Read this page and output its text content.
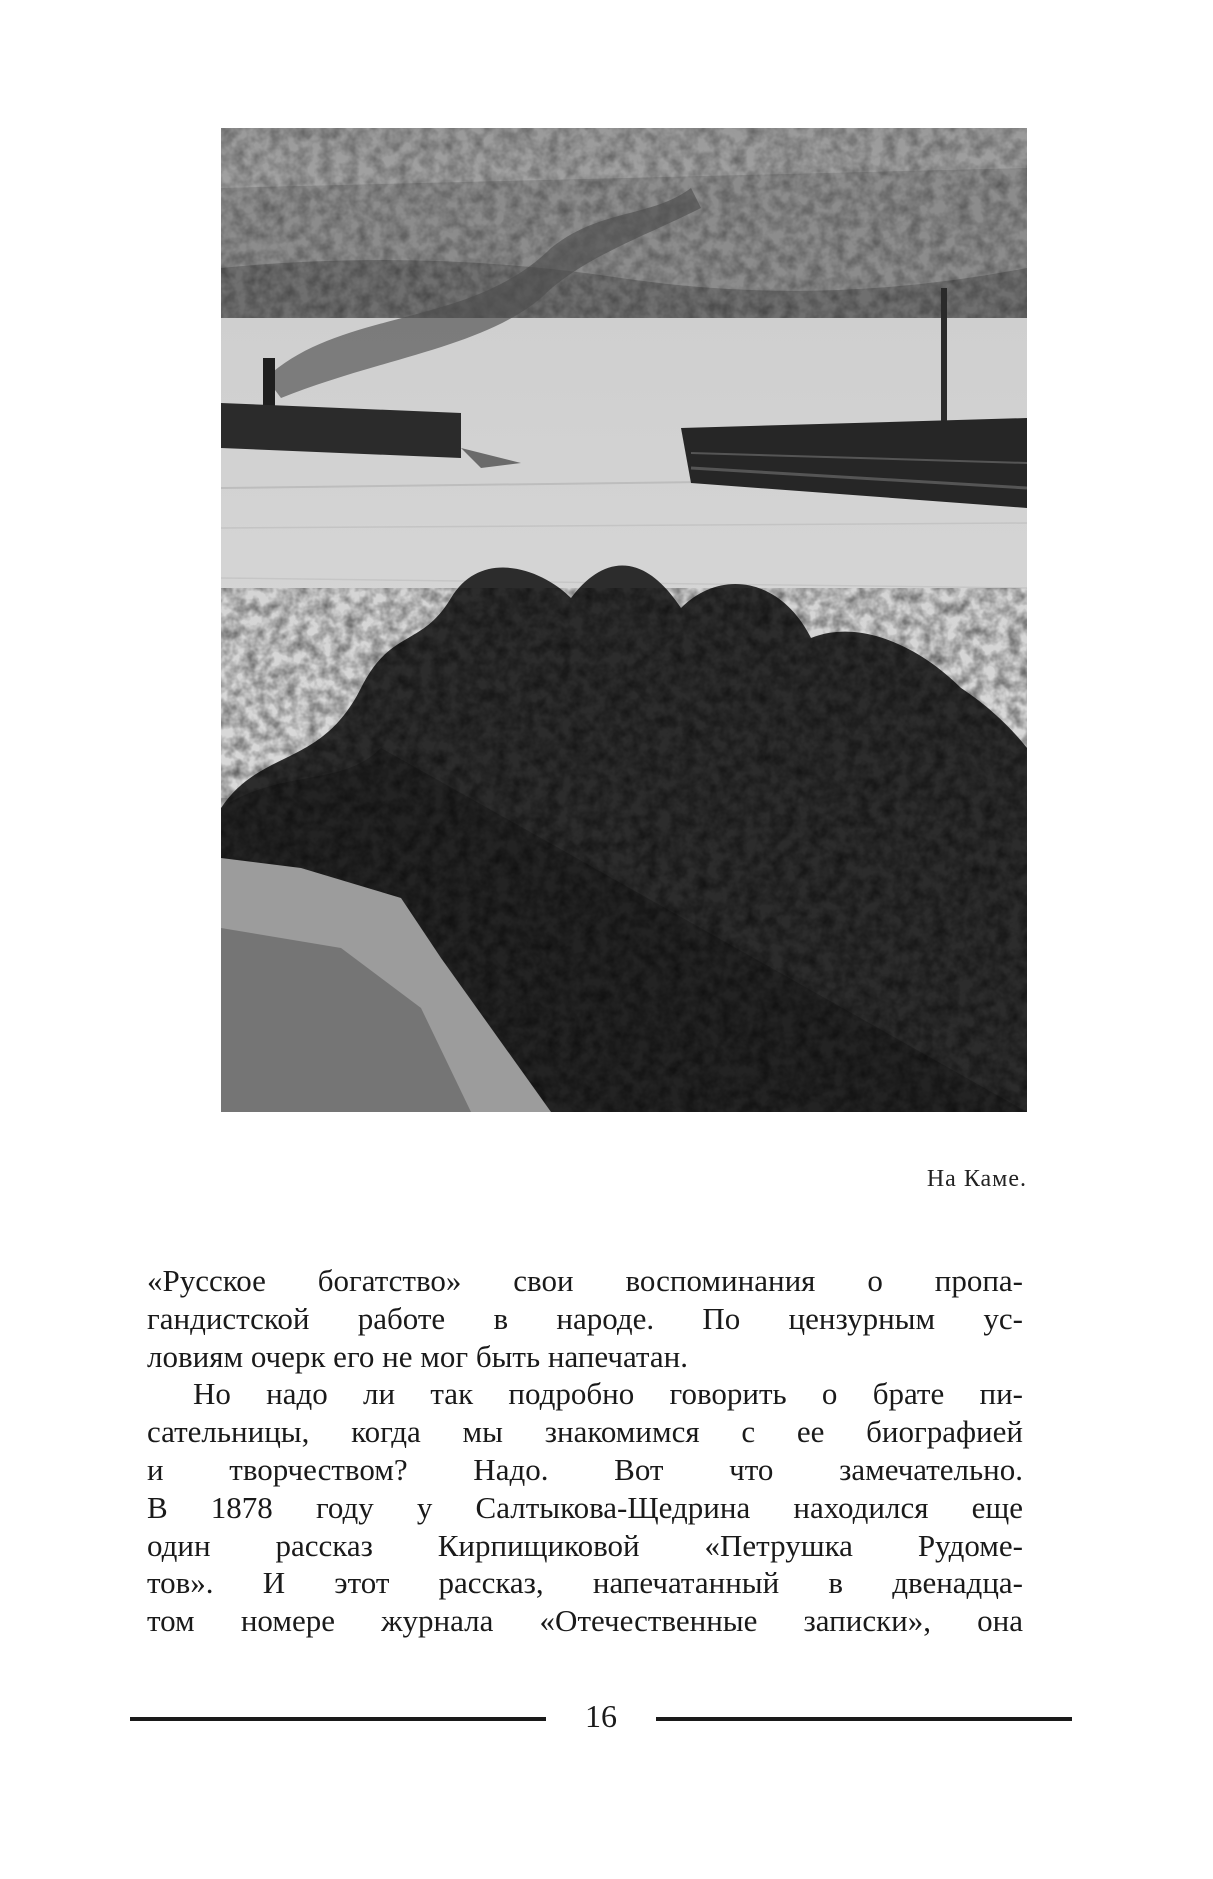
На Каме.
«Русское богатство» свои воспоминания о пропа-
гандистской работе в народе. По цензурным ус-
ловиям очерк его не мог быть напечатан.
Но надо ли так подробно говорить о брате пи-
сательницы, когда мы знакомимся с ее биографией
и творчеством? Надо. Вот что замечательно.
В 1878 году у Салтыкова-Щедрина находился еще
один рассказ Кирпищиковой «Петрушка Рудоме-
тов». И этот рассказ, напечатанный в двенадца-
том номере журнала «Отечественные записки», она
16
